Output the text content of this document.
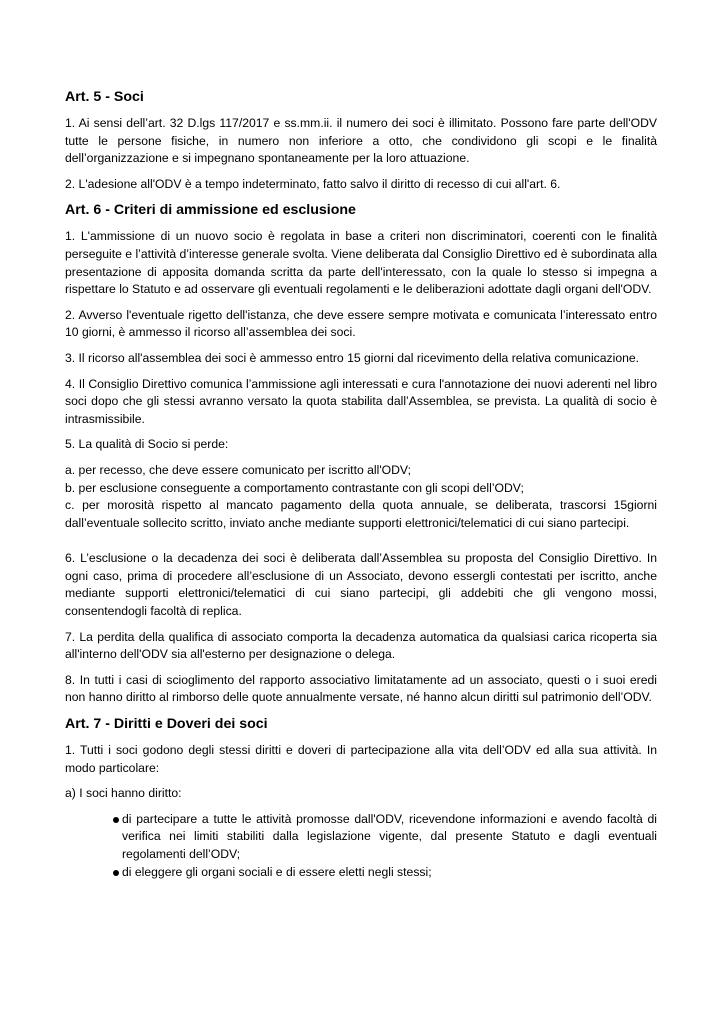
Art. 5 - Soci

1. Ai sensi dell’art. 32 D.lgs 117/2017 e ss.mm.ii. il numero dei soci è illimitato. Possono fare parte dell'ODV tutte le persone fisiche, in numero non inferiore a otto, che condividono gli scopi e le finalità dell’organizzazione e si impegnano spontaneamente per la loro attuazione.

2. L'adesione all'ODV è a tempo indeterminato, fatto salvo il diritto di recesso di cui all'art. 6.

Art. 6 - Criteri di ammissione ed esclusione

1. L'ammissione di un nuovo socio è regolata in base a criteri non discriminatori, coerenti con le finalità perseguite e l’attività d’interesse generale svolta. Viene deliberata dal Consiglio Direttivo ed è subordinata alla presentazione di apposita domanda scritta da parte dell'interessato, con la quale lo stesso si impegna a rispettare lo Statuto e ad osservare gli eventuali regolamenti e le deliberazioni adottate dagli organi dell'ODV.

2. Avverso l'eventuale rigetto dell'istanza, che deve essere sempre motivata e comunicata l’interessato entro 10 giorni, è ammesso il ricorso all’assemblea dei soci.

3. Il ricorso all'assemblea dei soci è ammesso entro 15 giorni dal ricevimento della relativa comunicazione.

4. Il Consiglio Direttivo comunica l’ammissione agli interessati e cura l'annotazione dei nuovi aderenti nel libro soci dopo che gli stessi avranno versato la quota stabilita dall’Assemblea, se prevista. La qualità di socio è intrasmissibile.

5. La qualità di Socio si perde:

a. per recesso, che deve essere comunicato per iscritto all'ODV;

b. per esclusione conseguente a comportamento contrastante con gli scopi dell’ODV;

c. per morosità rispetto al mancato pagamento della quota annuale, se deliberata, trascorsi 15giorni dall’eventuale sollecito scritto, inviato anche mediante supporti elettronici/telematici di cui siano partecipi.

6. L’esclusione o la decadenza dei soci è deliberata dall’Assemblea su proposta del Consiglio Direttivo. In ogni caso, prima di procedere all’esclusione di un Associato, devono essergli contestati per iscritto, anche mediante supporti elettronici/telematici di cui siano partecipi, gli addebiti che gli vengono mossi, consentendogli facoltà di replica.

7. La perdita della qualifica di associato comporta la decadenza automatica da qualsiasi carica ricoperta sia all'interno dell'ODV sia all'esterno per designazione o delega.

8. In tutti i casi di scioglimento del rapporto associativo limitatamente ad un associato, questi o i suoi eredi non hanno diritto al rimborso delle quote annualmente versate, né hanno alcun diritti sul patrimonio dell’ODV.

Art. 7 - Diritti e Doveri dei soci

1. Tutti i soci godono degli stessi diritti e doveri di partecipazione alla vita dell’ODV ed alla sua attività. In modo particolare:

a) I soci hanno diritto:

di partecipare a tutte le attività promosse dall'ODV, ricevendone informazioni e avendo facoltà di verifica nei limiti stabiliti dalla legislazione vigente, dal presente Statuto e dagli eventuali regolamenti dell’ODV;
di eleggere gli organi sociali e di essere eletti negli stessi;
